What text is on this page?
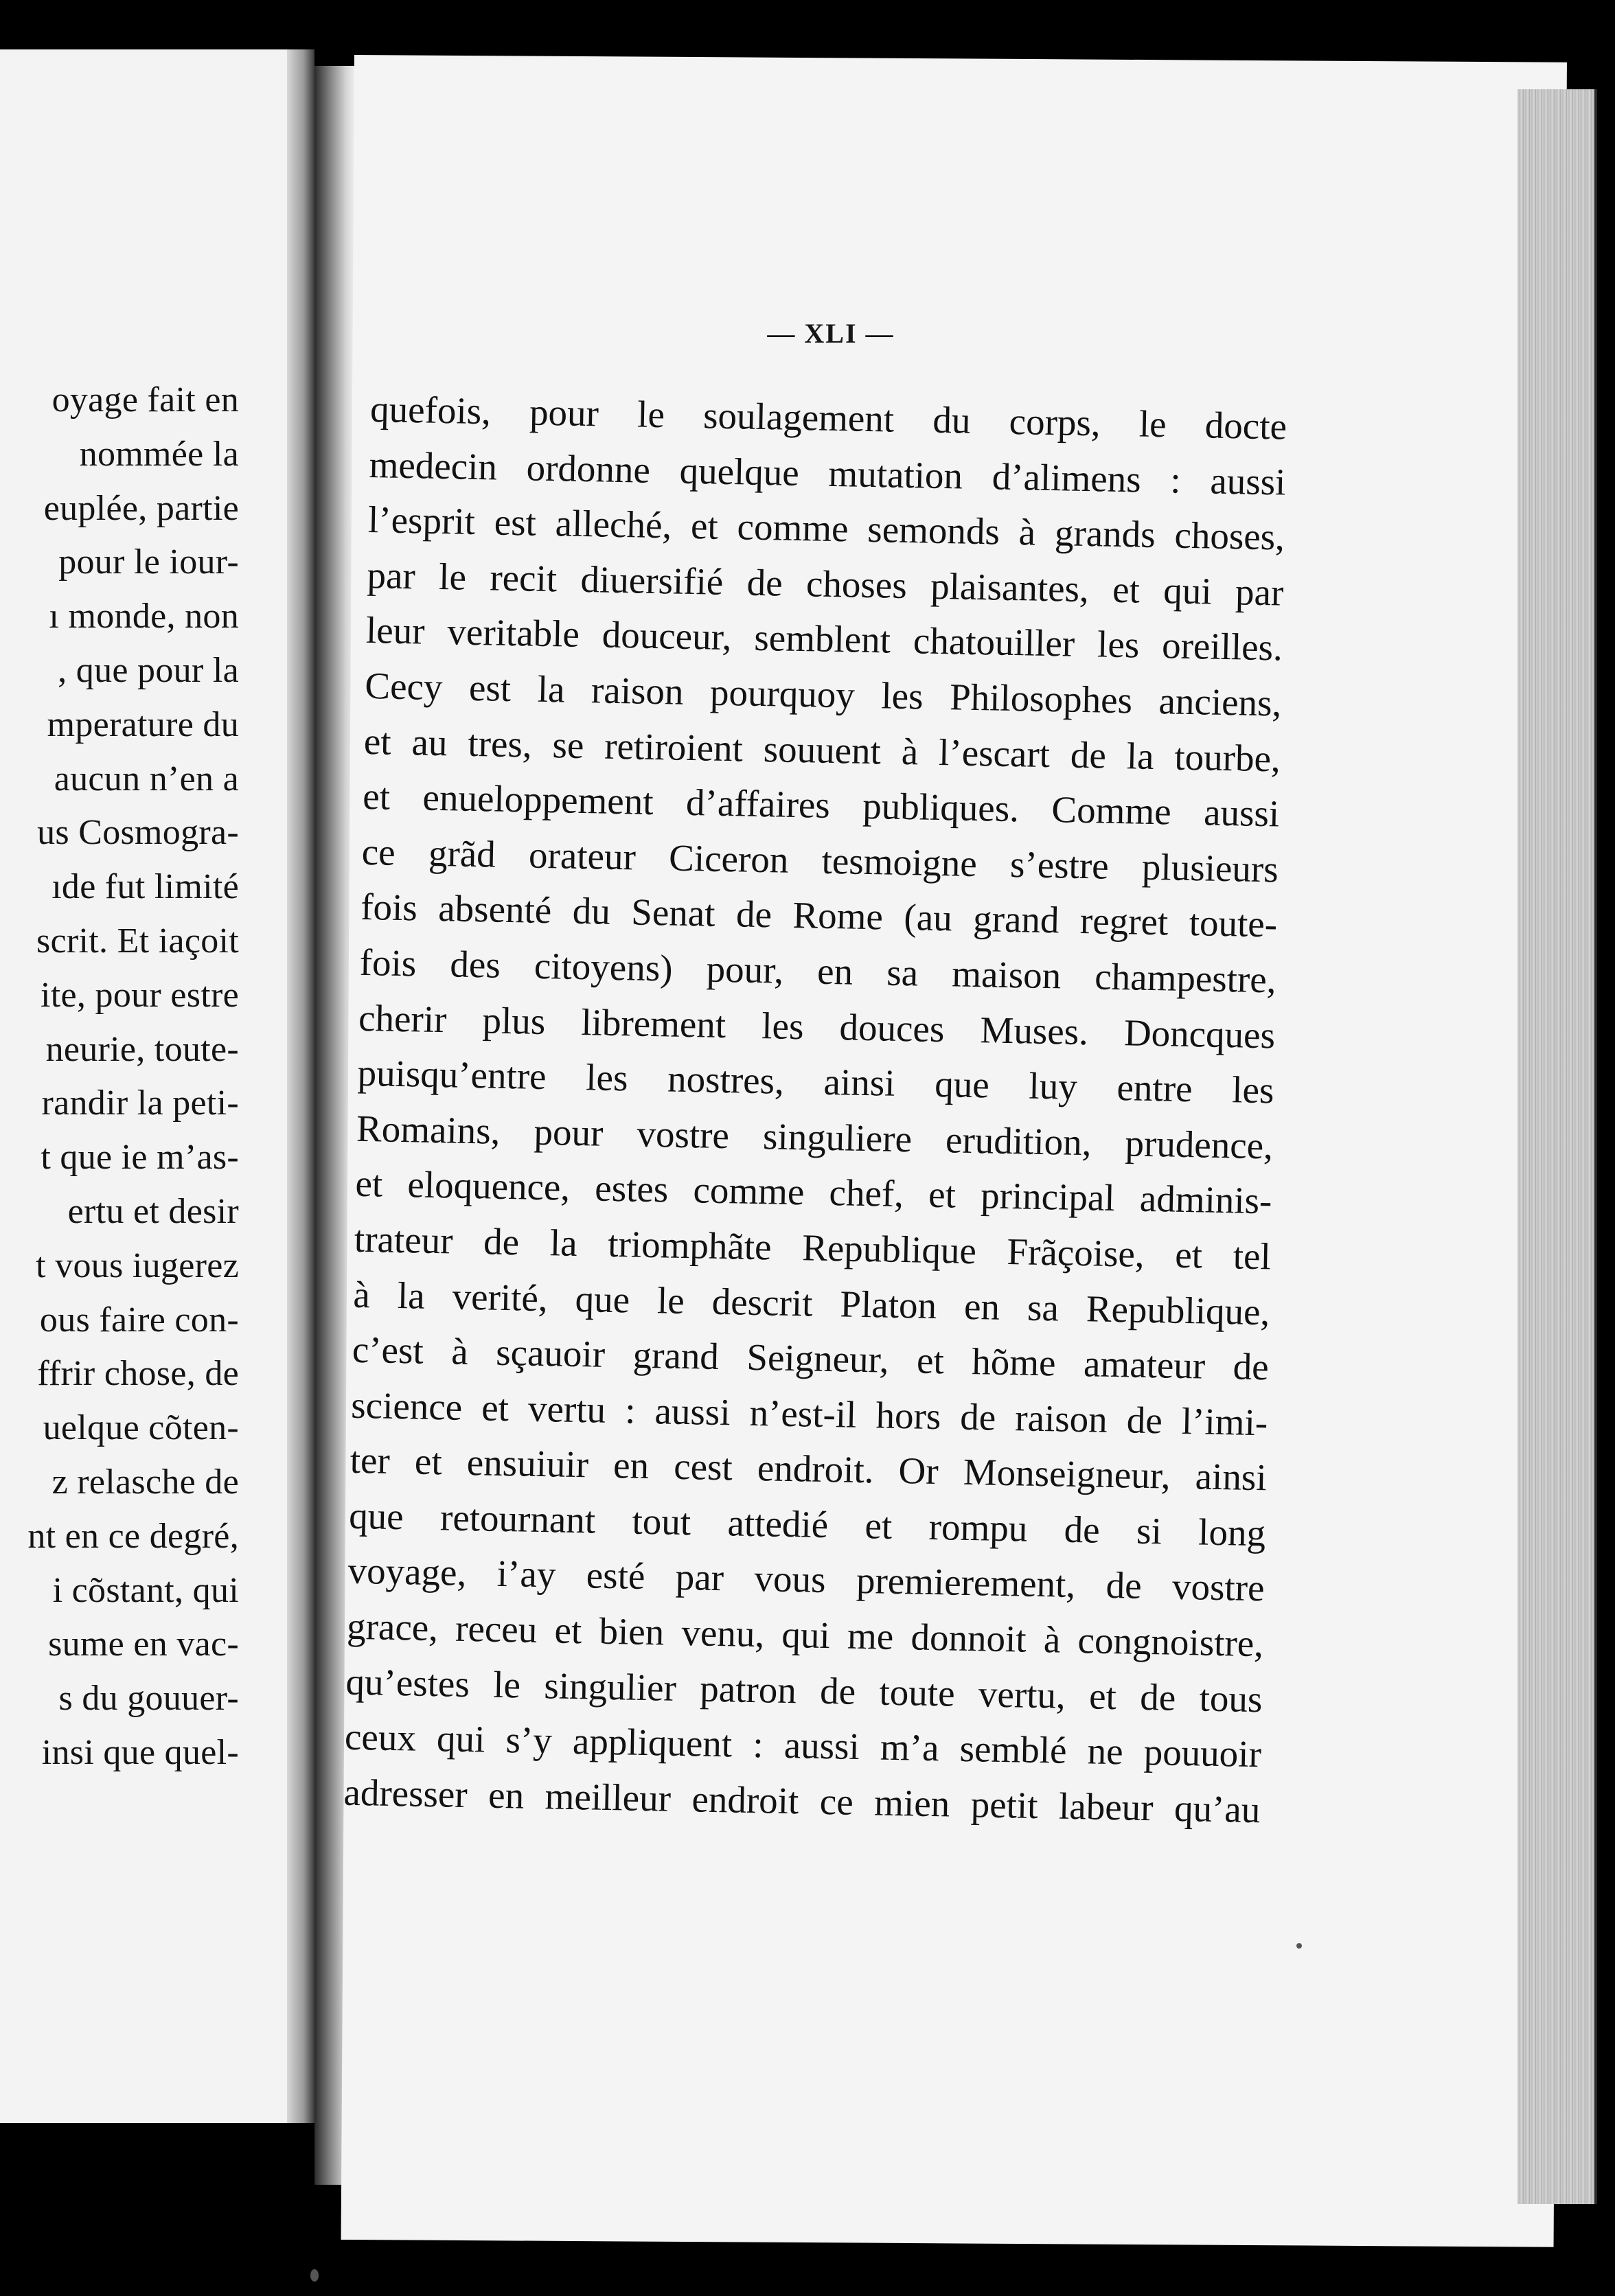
oyage fait en
nommée la
euplée, partie
pour le iour-
ı monde, non
, que pour la
mperature du
aucun n’en a
us Cosmogra-
ıde fut limité
scrit. Et iaçoit
ite, pour estre
neurie, toute-
randir la peti-
t que ie m’as-
ertu et desir
t vous iugerez
ous faire con-
ffrir chose, de
uelque cõten-
z relasche de
nt en ce degré,
i cõstant, qui
sume en vac-
s du gouuer-
insi que quel-
— XLI —
quefois, pour le soulagement du corps, le docte
medecin ordonne quelque mutation d’alimens : aussi
l’esprit est alleché, et comme semonds à grands choses,
par le recit diuersifié de choses plaisantes, et qui par
leur veritable douceur, semblent chatouiller les oreilles.
Cecy est la raison pourquoy les Philosophes anciens,
et au tres, se retiroient souuent à l’escart de la tourbe,
et enueloppement d’affaires publiques. Comme aussi
ce grãd orateur Ciceron tesmoigne s’estre plusieurs
fois absenté du Senat de Rome (au grand regret toute-
fois des citoyens) pour, en sa maison champestre,
cherir plus librement les douces Muses. Doncques
puisqu’entre les nostres, ainsi que luy entre les
Romains, pour vostre singuliere erudition, prudence,
et eloquence, estes comme chef, et principal adminis-
trateur de la triomphãte Republique Frãçoise, et tel
à la verité, que le descrit Platon en sa Republique,
c’est à sçauoir grand Seigneur, et hõme amateur de
science et vertu : aussi n’est-il hors de raison de l’imi-
ter et ensuiuir en cest endroit. Or Monseigneur, ainsi
que retournant tout attedié et rompu de si long
voyage, i’ay esté par vous premierement, de vostre
grace, receu et bien venu, qui me donnoit à congnoistre,
qu’estes le singulier patron de toute vertu, et de tous
ceux qui s’y appliquent : aussi m’a semblé ne pouuoir
adresser en meilleur endroit ce mien petit labeur qu’au
